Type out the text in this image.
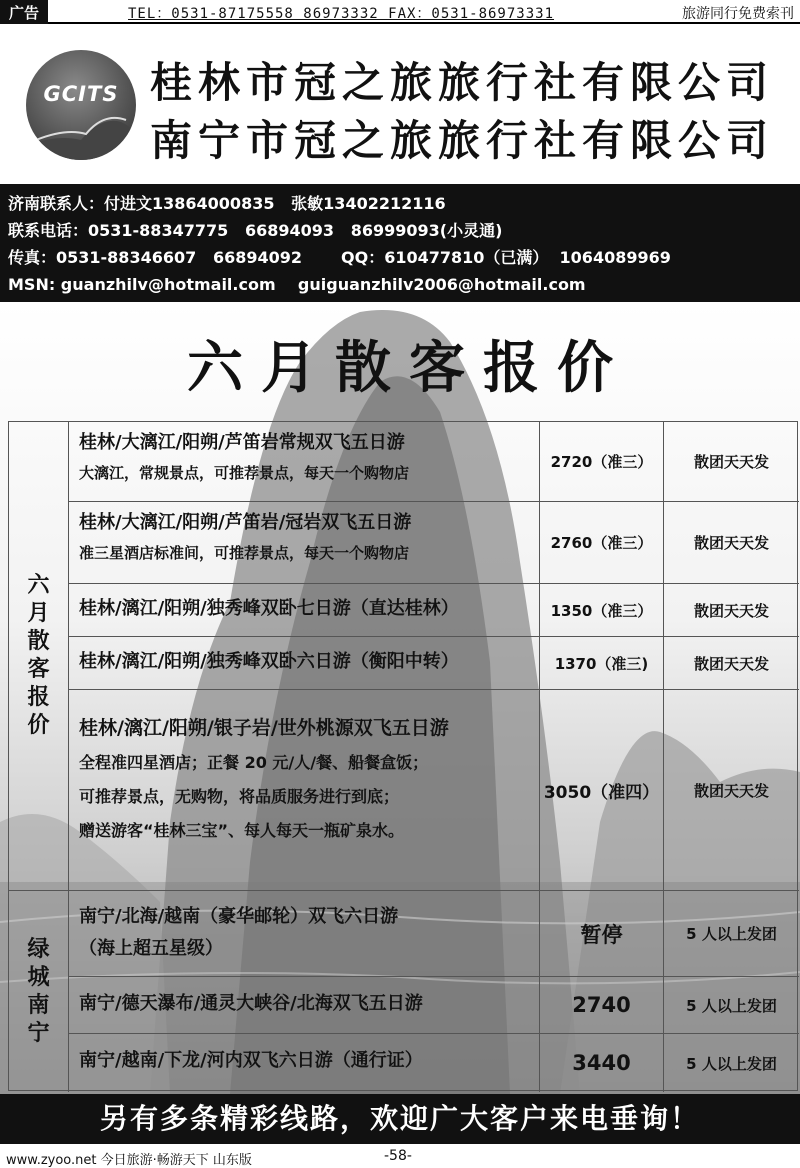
广告	TEL：0531-87175558 86973332 FAX：0531-86973331	旅游同行免费索刊
GCITS 桂林市冠之旅旅行社有限公司
南宁市冠之旅旅行社有限公司
济南联系人：付进文13864000835   张敏13402212116
联系电话：0531-88347775   66894093   86999093(小灵通)
传真：0531-88346607   66894092       QQ：610477810（已满）  1064089969
MSN: guanzhilv@hotmail.com    guiguanzhilv2006@hotmail.com
六月散客报价
六月散客报价
绿城南宁
桂林/大漓江/阳朔/芦笛岩常规双飞五日游
大漓江，常规景点，可推荐景点，每天一个购物店
2720（准三）	散团天天发
桂林/大漓江/阳朔/芦笛岩/冠岩双飞五日游
准三星酒店标准间，可推荐景点，每天一个购物店
2760（准三）	散团天天发
桂林/漓江/阳朔/独秀峰双卧七日游（直达桂林）	1350（准三）	散团天天发
桂林/漓江/阳朔/独秀峰双卧六日游（衡阳中转）	1370（准三)	散团天天发
桂林/漓江/阳朔/银子岩/世外桃源双飞五日游
全程准四星酒店；正餐 20 元/人/餐、船餐盒饭；
可推荐景点，无购物，将品质服务进行到底；
赠送游客“桂林三宝”、每人每天一瓶矿泉水。
3050（准四）	散团天天发
南宁/北海/越南（豪华邮轮）双飞六日游
（海上超五星级）
暂停	5 人以上发团
南宁/德天瀑布/通灵大峡谷/北海双飞五日游	2740	5 人以上发团
南宁/越南/下龙/河内双飞六日游（通行证）	3440	5 人以上发团
另有多条精彩线路，欢迎广大客户来电垂询！
www.zyoo.net 今日旅游·畅游天下 山东版	-58-
